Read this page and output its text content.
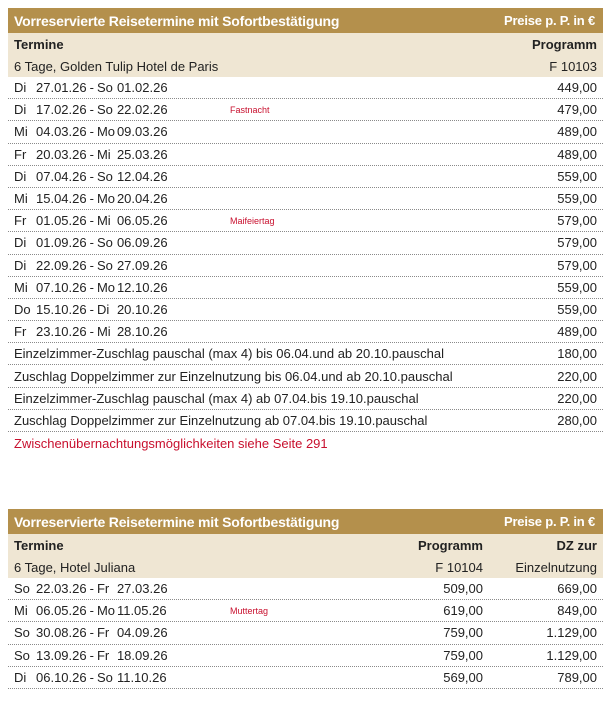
Vorreservierte Reisetermine mit Sofortbestätigung	Preise p. P. in €
Termine	Programm
6 Tage, Golden Tulip Hotel de Paris	F 10103
Di 27.01.26 - So 01.02.26	449,00
Di 17.02.26 - So 22.02.26	Fastnacht	479,00
Mi 04.03.26 - Mo 09.03.26	489,00
Fr 20.03.26 - Mi 25.03.26	489,00
Di 07.04.26 - So 12.04.26	559,00
Mi 15.04.26 - Mo 20.04.26	559,00
Fr 01.05.26 - Mi 06.05.26	Maifeiertag	579,00
Di 01.09.26 - So 06.09.26	579,00
Di 22.09.26 - So 27.09.26	579,00
Mi 07.10.26 - Mo 12.10.26	559,00
Do 15.10.26 - Di 20.10.26	559,00
Fr 23.10.26 - Mi 28.10.26	489,00
Einzelzimmer-Zuschlag pauschal (max 4) bis 06.04.und ab 20.10.pauschal	180,00
Zuschlag Doppelzimmer zur Einzelnutzung bis 06.04.und ab 20.10.pauschal	220,00
Einzelzimmer-Zuschlag pauschal (max 4) ab 07.04.bis 19.10.pauschal	220,00
Zuschlag Doppelzimmer zur Einzelnutzung ab 07.04.bis 19.10.pauschal	280,00
Zwischenübernachtungsmöglichkeiten siehe Seite 291
Vorreservierte Reisetermine mit Sofortbestätigung	Preise p. P. in €
Termine	Programm	DZ zur
6 Tage, Hotel Juliana	F 10104	Einzelnutzung
So 22.03.26 - Fr 27.03.26	509,00	669,00
Mi 06.05.26 - Mo 11.05.26	Muttertag	619,00	849,00
So 30.08.26 - Fr 04.09.26	759,00	1.129,00
So 13.09.26 - Fr 18.09.26	759,00	1.129,00
Di 06.10.26 - So 11.10.26	569,00	789,00
